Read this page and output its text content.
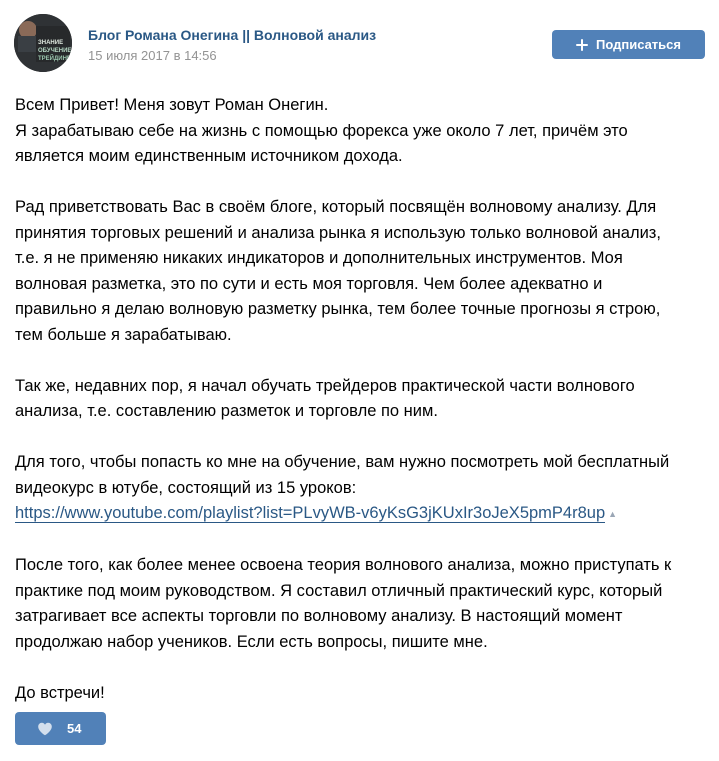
ЗНАНИЕ
ОБУЧЕНИЕ
ТРЕЙДИНГ
Блог Романа Онегина || Волновой анализ
15 июля 2017 в 14:56
Подписаться

Всем Привет! Меня зовут Роман Онегин.

Я зарабатываю себе на жизнь с помощью форекса уже около 7 лет, причём это

является моим единственным источником дохода.

Рад приветствовать Вас в своём блоге, который посвящён волновому анализу. Для

принятия торговых решений и анализа рынка я использую только волновой анализ,

т.е. я не применяю никаких индикаторов и дополнительных инструментов. Моя

волновая разметка, это по сути и есть моя торговля. Чем более адекватно и

правильно я делаю волновую разметку рынка, тем более точные прогнозы я строю,

тем больше я зарабатываю.

Так же, недавних пор, я начал обучать трейдеров практической части волнового

анализа, т.е. составлению разметок и торговле по ним.

Для того, чтобы попасть ко мне на обучение, вам нужно посмотреть мой бесплатный

видеокурс в ютубе, состоящий из 15 уроков:

https://www.youtube.com/playlist?list=PLvyWB-v6yKsG3jKUxIr3oJeX5pmP4r8up ▲

После того, как более менее освоена теория волнового анализа, можно приступать к

практике под моим руководством. Я составил отличный практический курс, который

затрагивает все аспекты торговли по волновому анализу. В настоящий момент

продолжаю набор учеников. Если есть вопросы, пишите мне.

До встречи!

54
